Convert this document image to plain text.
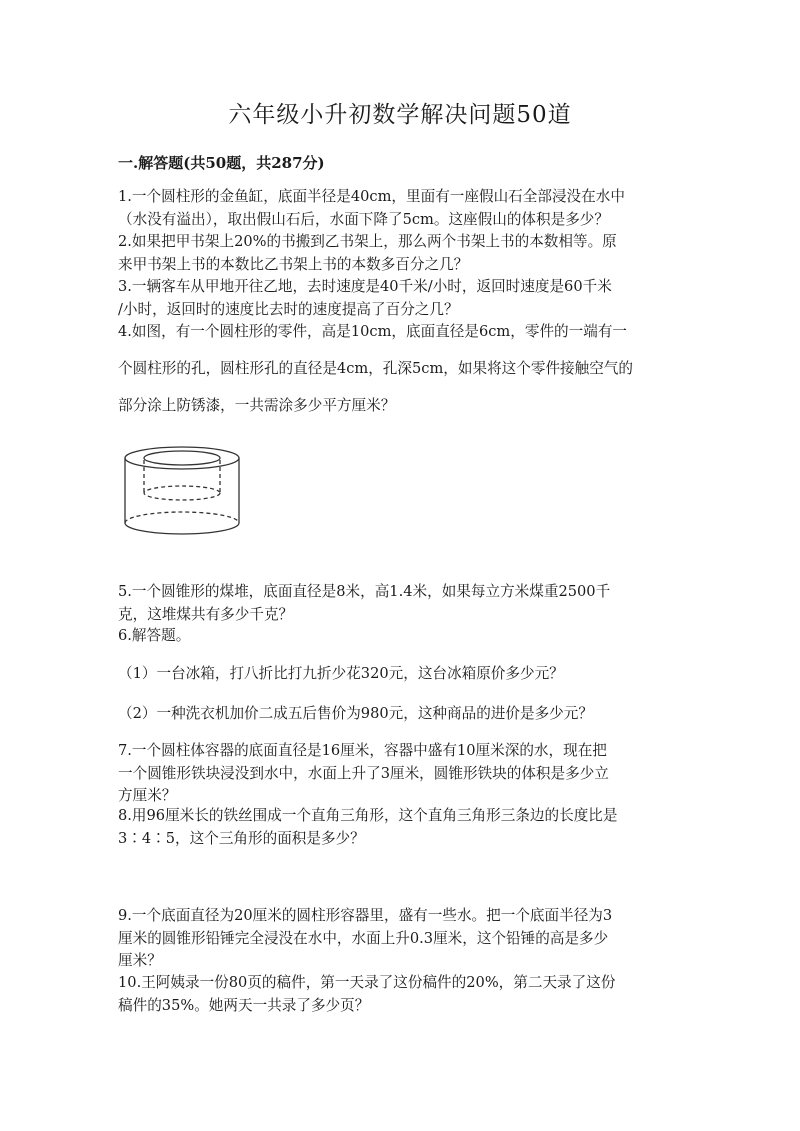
六年级小升初数学解决问题50道
一.解答题(共50题，共287分)

1.一个圆柱形的金鱼缸，底面半径是40cm，里面有一座假山石全部浸没在水中

（水没有溢出），取出假山石后，水面下降了5cm。这座假山的体积是多少？

2.如果把甲书架上20%的书搬到乙书架上，那么两个书架上书的本数相等。原

来甲书架上书的本数比乙书架上书的本数多百分之几？

3.一辆客车从甲地开往乙地，去时速度是40千米/小时，返回时速度是60千米

/小时，返回时的速度比去时的速度提高了百分之几？

4.如图，有一个圆柱形的零件，高是10cm，底面直径是6cm，零件的一端有一

个圆柱形的孔，圆柱形孔的直径是4cm，孔深5cm，如果将这个零件接触空气的

部分涂上防锈漆，一共需涂多少平方厘米？

5.一个圆锥形的煤堆，底面直径是8米，高1.4米，如果每立方米煤重2500千

克，这堆煤共有多少千克？

6.解答题。

（1）一台冰箱，打八折比打九折少花320元，这台冰箱原价多少元？

（2）一种洗衣机加价二成五后售价为980元，这种商品的进价是多少元？

7.一个圆柱体容器的底面直径是16厘米，容器中盛有10厘米深的水，现在把

一个圆锥形铁块浸没到水中，水面上升了3厘米，圆锥形铁块的体积是多少立

方厘米？

8.用96厘米长的铁丝围成一个直角三角形，这个直角三角形三条边的长度比是

3∶4∶5，这个三角形的面积是多少？

9.一个底面直径为20厘米的圆柱形容器里，盛有一些水。把一个底面半径为3

厘米的圆锥形铅锤完全浸没在水中，水面上升0.3厘米，这个铅锤的高是多少

厘米？

10.王阿姨录一份80页的稿件，第一天录了这份稿件的20%，第二天录了这份

稿件的35%。她两天一共录了多少页？
